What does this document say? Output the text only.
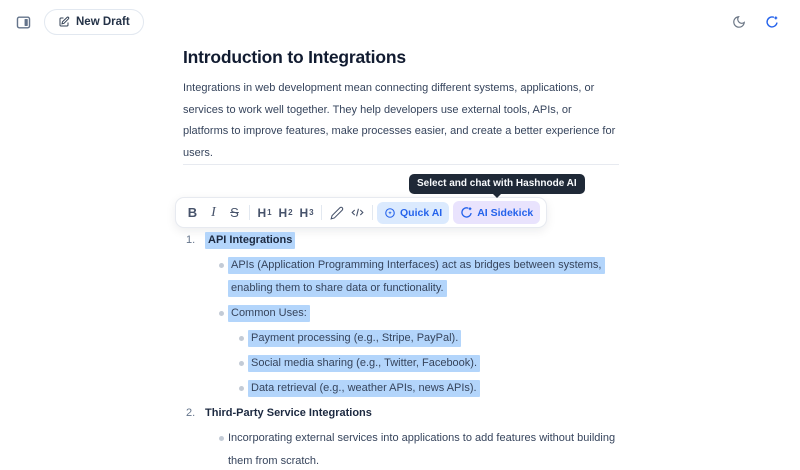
New Draft
Introduction to Integrations

Integrations in web development mean connecting different systems, applications, or services to work well together. They help developers use external tools, APIs, or platforms to improve features, make processes easier, and create a better experience for users.

Select and chat with Hashnode AI
B I	S H 1 H 2 H 3	Quick AI	AI Sidekick
1. API Integrations
APIs (Application Programming Interfaces) act as bridges between systems, enabling them to share data or functionality.
Common Uses:
Payment processing (e.g., Stripe, PayPal).
Social media sharing (e.g., Twitter, Facebook).
Data retrieval (e.g., weather APIs, news APIs).
2. Third-Party Service Integrations
Incorporating external services into applications to add features without building them from scratch.
